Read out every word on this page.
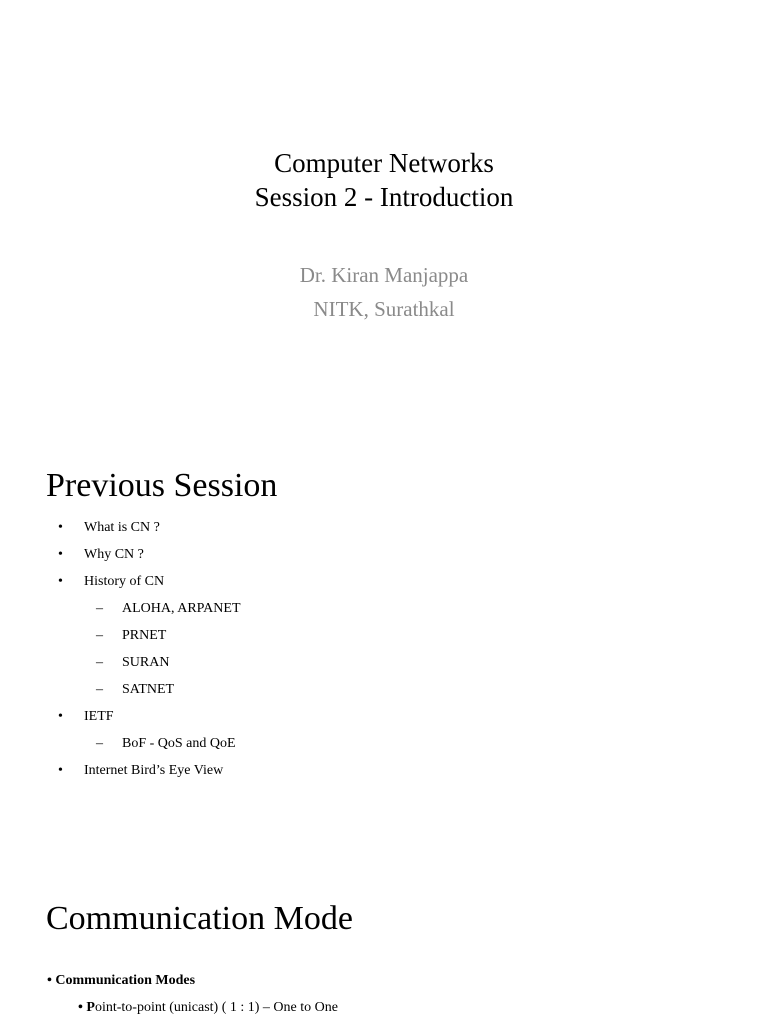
Computer Networks
Session 2 - Introduction
Dr. Kiran Manjappa
NITK, Surathkal
Previous Session
• What is CN ?
• Why CN ?
• History of CN
– ALOHA, ARPANET
– PRNET
– SURAN
– SATNET
• IETF
– BoF - QoS and QoE
• Internet Bird’s Eye View
Communication Mode
• Communication Modes
• Point-to-point (unicast) ( 1 : 1) – One to One
